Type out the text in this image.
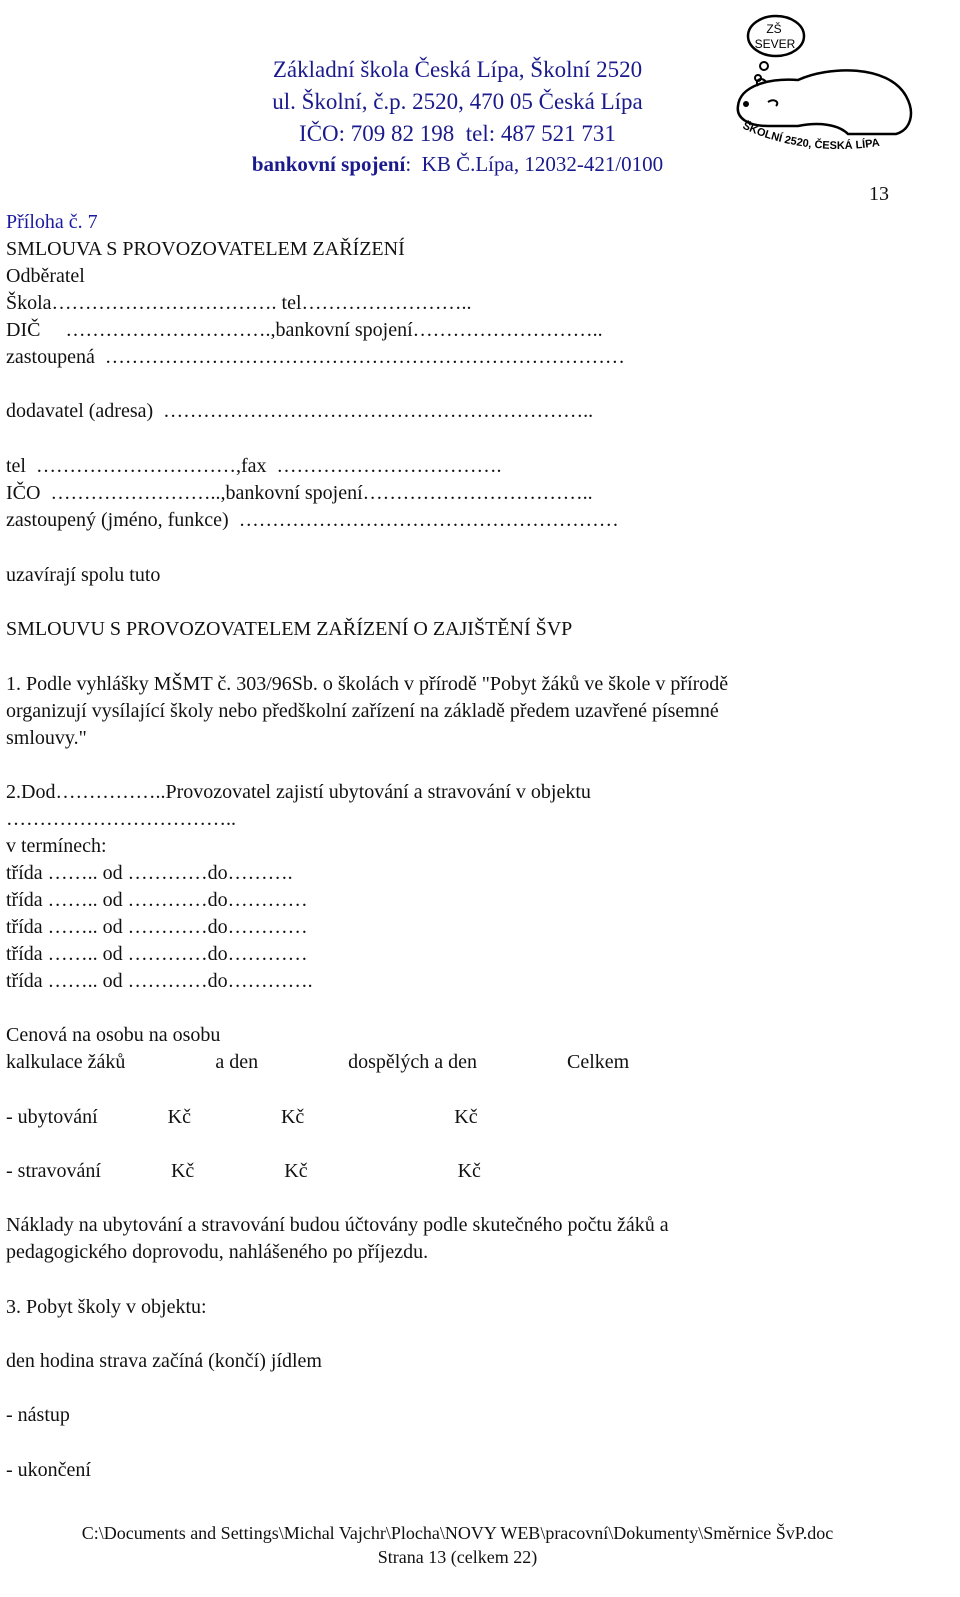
Základní škola Česká Lípa, Školní 2520
ul. Školní, č.p. 2520, 470 05 Česká Lípa
IČO: 709 82 198  tel: 487 521 731
bankovní spojení:  KB Č.Lípa, 12032-421/0100
ZŠ
SEVER
ŠKOLNÍ 2520, ČESKÁ LÍPA
13
Příloha č. 7
SMLOUVA S PROVOZOVATELEM ZAŘÍZENÍ
Odběratel
Škola……………………………. tel……………………..
DIČ     ………………………….,bankovní spojení………………………..
zastoupená  ……………………………………………………………………
dodavatel (adresa)  ………………………………………………………..
tel  …………………………,fax  …………………………….
IČO  ……………………..,bankovní spojení……………………………..
zastoupený (jméno, funkce)  …………………………………………………
uzavírají spolu tuto
SMLOUVU S PROVOZOVATELEM ZAŘÍZENÍ O ZAJIŠTĚNÍ ŠVP
1. Podle vyhlášky MŠMT č. 303/96Sb. o školách v přírodě "Pobyt žáků ve škole v přírodě
organizují vysílající školy nebo předškolní zařízení na základě předem uzavřené písemné
smlouvy."
2.Dod……………..Provozovatel zajistí ubytování a stravování v objektu
……………………………..
v termínech:
třída …….. od …………do……….
třída …….. od …………do…………
třída …….. od …………do…………
třída …….. od …………do…………
třída …….. od …………do………….
Cenová na osobu na osobu
kalkulace žáků                  a den                  dospělých a den                  Celkem
- ubytování              Kč                  Kč                              Kč
- stravování              Kč                  Kč                              Kč
Náklady na ubytování a stravování budou účtovány podle skutečného počtu žáků a
pedagogického doprovodu, nahlášeného po příjezdu.
3. Pobyt školy v objektu:
den hodina strava začíná (končí) jídlem
- nástup
- ukončení
C:\Documents and Settings\Michal Vajchr\Plocha\NOVY WEB\pracovní\Dokumenty\Směrnice ŠvP.doc
Strana 13 (celkem 22)
